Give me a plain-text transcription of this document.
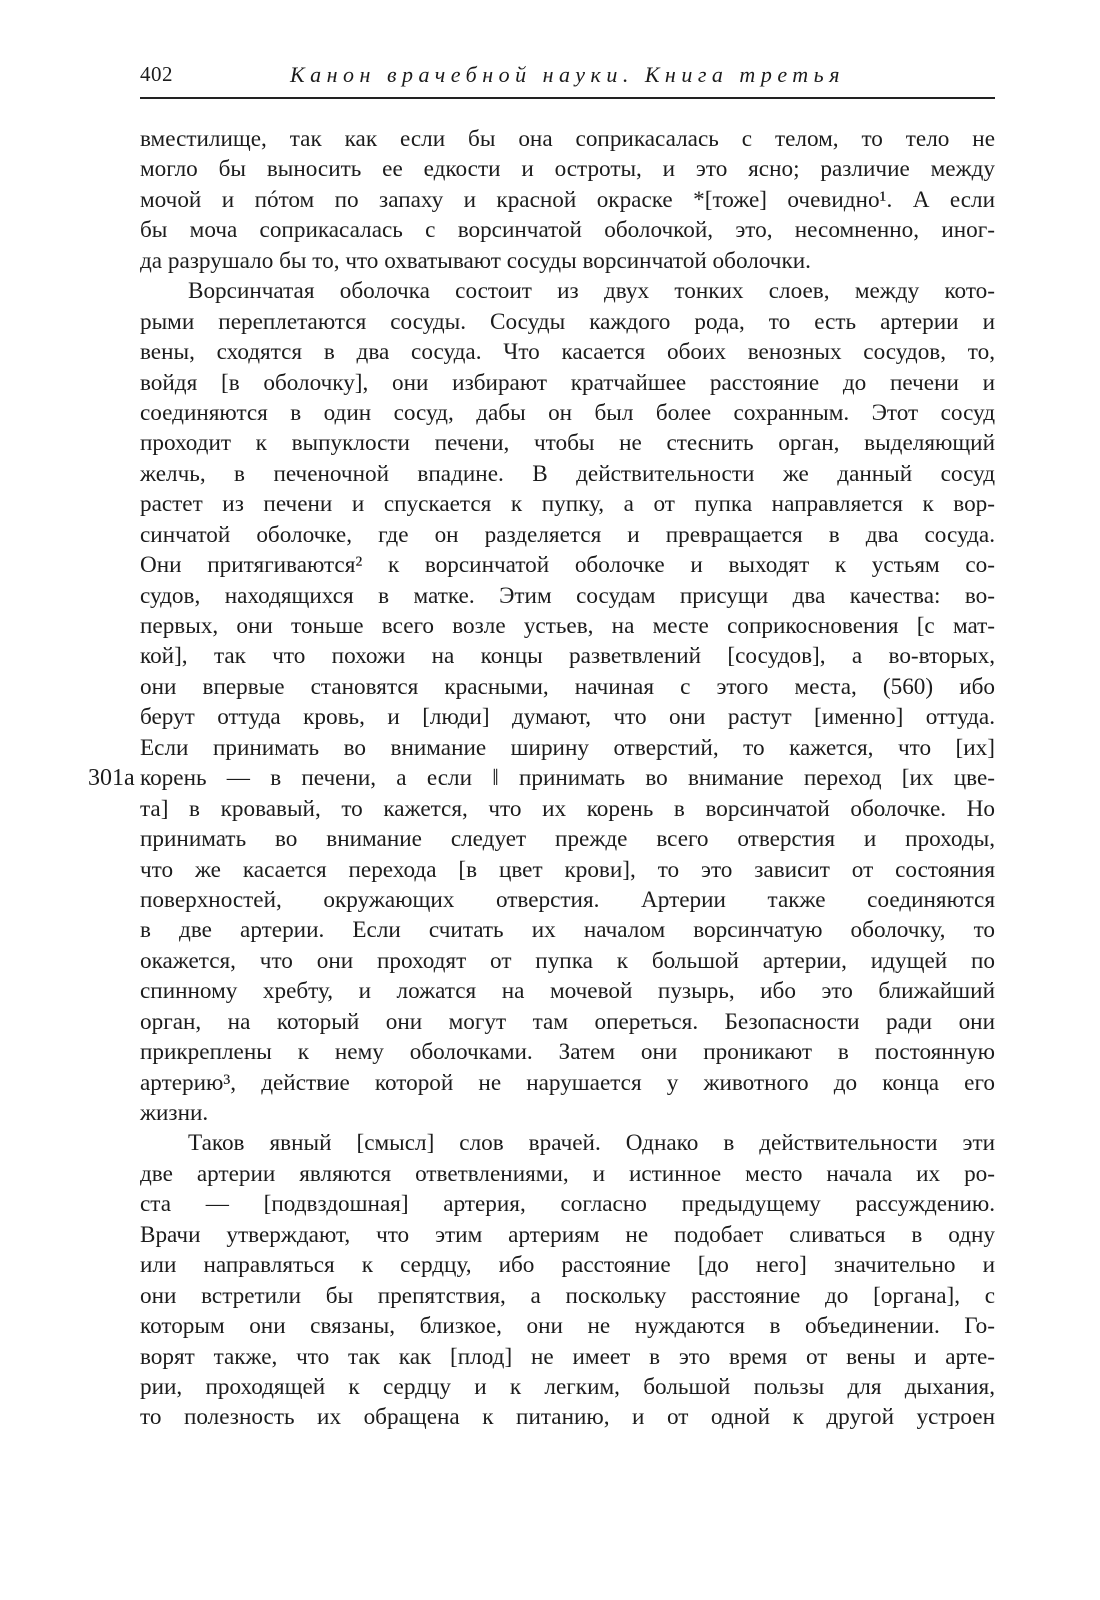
402	Канон врачебной науки. Книга третья
вместилище, так как если бы она соприкасалась с телом, то тело не
могло бы выносить ее едкости и остроты, и это ясно; различие между
мочой и пóтом по запаху и красной окраске *[тоже] очевидно¹. А если
бы моча соприкасалась с ворсинчатой оболочкой, это, несомненно, иног-
да разрушало бы то, что охватывают сосуды ворсинчатой оболочки.
Ворсинчатая оболочка состоит из двух тонких слоев, между кото-
рыми переплетаются сосуды. Сосуды каждого рода, то есть артерии и
вены, сходятся в два сосуда. Что касается обоих венозных сосудов, то,
войдя [в оболочку], они избирают кратчайшее расстояние до печени и
соединяются в один сосуд, дабы он был более сохранным. Этот сосуд
проходит к выпуклости печени, чтобы не стеснить орган, выделяющий
желчь, в печеночной впадине. В действительности же данный сосуд
растет из печени и спускается к пупку, а от пупка направляется к вор-
синчатой оболочке, где он разделяется и превращается в два сосуда.
Они притягиваются² к ворсинчатой оболочке и выходят к устьям со-
судов, находящихся в матке. Этим сосудам присущи два качества: во-
первых, они тоньше всего возле устьев, на месте соприкосновения [с мат-
кой], так что похожи на концы разветвлений [сосудов], а во-вторых,
они впервые становятся красными, начиная с этого места, (560) ибо
берут оттуда кровь, и [люди] думают, что они растут [именно] оттуда.
Если принимать во внимание ширину отверстий, то кажется, что [их]
301a корень — в печени, а если ‖ принимать во внимание переход [их цве-
та] в кровавый, то кажется, что их корень в ворсинчатой оболочке. Но
принимать во внимание следует прежде всего отверстия и проходы,
что же касается перехода [в цвет крови], то это зависит от состояния
поверхностей, окружающих отверстия. Артерии также соединяются
в две артерии. Если считать их началом ворсинчатую оболочку, то
окажется, что они проходят от пупка к большой артерии, идущей по
спинному хребту, и ложатся на мочевой пузырь, ибо это ближайший
орган, на который они могут там опереться. Безопасности ради они
прикреплены к нему оболочками. Затем они проникают в постоянную
артерию³, действие которой не нарушается у животного до конца его
жизни.
Таков явный [смысл] слов врачей. Однако в действительности эти
две артерии являются ответвлениями, и истинное место начала их ро-
ста — [подвздошная] артерия, согласно предыдущему рассуждению.
Врачи утверждают, что этим артериям не подобает сливаться в одну
или направляться к сердцу, ибо расстояние [до него] значительно и
они встретили бы препятствия, а поскольку расстояние до [органа], с
которым они связаны, близкое, они не нуждаются в объединении. Го-
ворят также, что так как [плод] не имеет в это время от вены и арте-
рии, проходящей к сердцу и к легким, большой пользы для дыхания,
то полезность их обращена к питанию, и от одной к другой устроен
